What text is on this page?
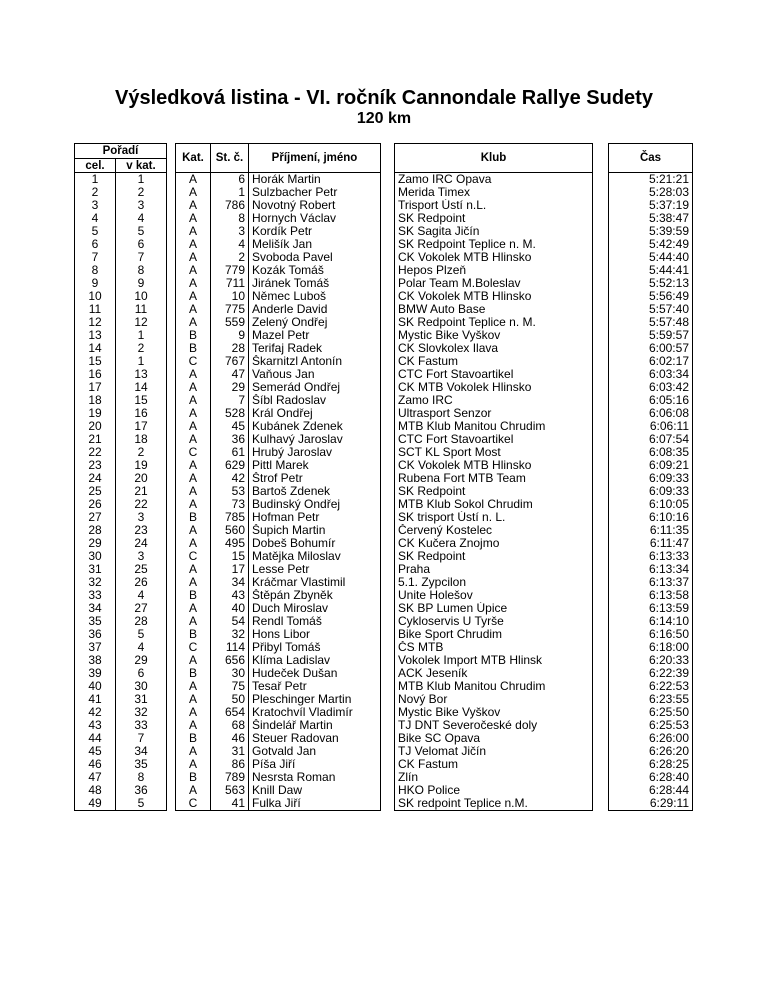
Výsledková listina - VI. ročník Cannondale Rallye Sudety
120 km
Pořadí			Kat.	St. č.	Příjmení, jméno		Klub		Čas
cel.	v kat.								
1	1		A	6	Horák Martin		Zamo IRC Opava		5:21:21
2	2		A	1	Sulzbacher Petr		Merida Timex		5:28:03
3	3		A	786	Novotný Robert		Trisport Ústí n.L.		5:37:19
4	4		A	8	Hornych Václav		SK Redpoint		5:38:47
5	5		A	3	Kordík Petr		SK Sagita Jičín		5:39:59
6	6		A	4	Melišík Jan		SK Redpoint Teplice n. M.		5:42:49
7	7		A	2	Svoboda Pavel		CK Vokolek MTB Hlinsko		5:44:40
8	8		A	779	Kozák Tomáš		Hepos Plzeň		5:44:41
9	9		A	711	Jiránek Tomáš		Polar Team M.Boleslav		5:52:13
10	10		A	10	Němec Luboš		CK Vokolek MTB Hlinsko		5:56:49
11	11		A	775	Anderle David		BMW Auto Base		5:57:40
12	12		A	559	Zelený Ondřej		SK Redpoint Teplice n. M.		5:57:48
13	1		B	9	Mazel Petr		Mystic Bike Vyškov		5:59:57
14	2		B	28	Terifaj Radek		CK Slovkolex Ilava		6:00:57
15	1		C	767	Škarnitzl Antonín		CK Fastum		6:02:17
16	13		A	47	Vaňous Jan		CTC Fort Stavoartikel		6:03:34
17	14		A	29	Semerád Ondřej		CK MTB Vokolek Hlinsko		6:03:42
18	15		A	7	Šíbl Radoslav		Zamo IRC		6:05:16
19	16		A	528	Král Ondřej		Ultrasport Senzor		6:06:08
20	17		A	45	Kubánek Zdenek		MTB Klub Manitou Chrudim		6:06:11
21	18		A	36	Kulhavý Jaroslav		CTC Fort Stavoartikel		6:07:54
22	2		C	61	Hrubý Jaroslav		SCT KL Sport Most		6:08:35
23	19		A	629	Pittl Marek		CK Vokolek MTB Hlinsko		6:09:21
24	20		A	42	Štrof Petr		Rubena Fort MTB Team		6:09:33
25	21		A	53	Bartoš Zdenek		SK Redpoint		6:09:33
26	22		A	73	Budinský Ondřej		MTB Klub Sokol Chrudim		6:10:05
27	3		B	785	Hofman Petr		SK trisport Ústí n. L.		6:10:16
28	23		A	560	Šupich Martin		Červený Kostelec		6:11:35
29	24		A	495	Dobeš Bohumír		CK Kučera Znojmo		6:11:47
30	3		C	15	Matějka Miloslav		SK Redpoint		6:13:33
31	25		A	17	Lesse Petr		Praha		6:13:34
32	26		A	34	Kráčmar Vlastimil		5.1. Zypcilon		6:13:37
33	4		B	43	Štěpán Zbyněk		Unite Holešov		6:13:58
34	27		A	40	Duch Miroslav		SK BP Lumen Úpice		6:13:59
35	28		A	54	Rendl Tomáš		Cykloservis U Tyrše		6:14:10
36	5		B	32	Hons Libor		Bike Sport Chrudim		6:16:50
37	4		C	114	Přibyl Tomáš		ČS MTB		6:18:00
38	29		A	656	Klíma Ladislav		Vokolek Import MTB Hlinsk		6:20:33
39	6		B	30	Hudeček Dušan		ACK Jeseník		6:22:39
40	30		A	75	Tesař Petr		MTB Klub Manitou Chrudim		6:22:53
41	31		A	50	Pleschinger Martin		Nový Bor		6:23:55
42	32		A	654	Kratochvíl Vladimír		Mystic Bike Vyškov		6:25:50
43	33		A	68	Šindelář Martin		TJ DNT Severočeské doly		6:25:53
44	7		B	46	Steuer Radovan		Bike SC Opava		6:26:00
45	34		A	31	Gotvald Jan		TJ Velomat Jičín		6:26:20
46	35		A	86	Píša Jiří		CK Fastum		6:28:25
47	8		B	789	Nesrsta Roman		Zlín		6:28:40
48	36		A	563	Knill Daw		HKO Police		6:28:44
49	5		C	41	Fulka Jiří		SK redpoint Teplice n.M.		6:29:11
